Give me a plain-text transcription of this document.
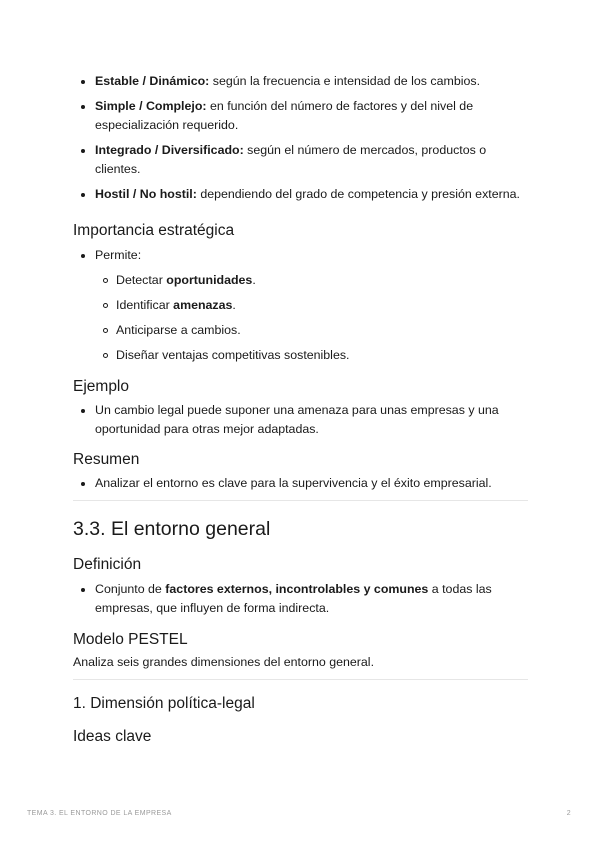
Estable / Dinámico: según la frecuencia e intensidad de los cambios.
Simple / Complejo: en función del número de factores y del nivel de especialización requerido.
Integrado / Diversificado: según el número de mercados, productos o clientes.
Hostil / No hostil: dependiendo del grado de competencia y presión externa.
Importancia estratégica
Permite:
Detectar oportunidades.
Identificar amenazas.
Anticiparse a cambios.
Diseñar ventajas competitivas sostenibles.
Ejemplo
Un cambio legal puede suponer una amenaza para unas empresas y una oportunidad para otras mejor adaptadas.
Resumen
Analizar el entorno es clave para la supervivencia y el éxito empresarial.
3.3. El entorno general
Definición
Conjunto de factores externos, incontrolables y comunes a todas las empresas, que influyen de forma indirecta.
Modelo PESTEL

Analiza seis grandes dimensiones del entorno general.

1. Dimensión política-legal
Ideas clave
TEMA 3. EL ENTORNO DE LA EMPRESA	2
